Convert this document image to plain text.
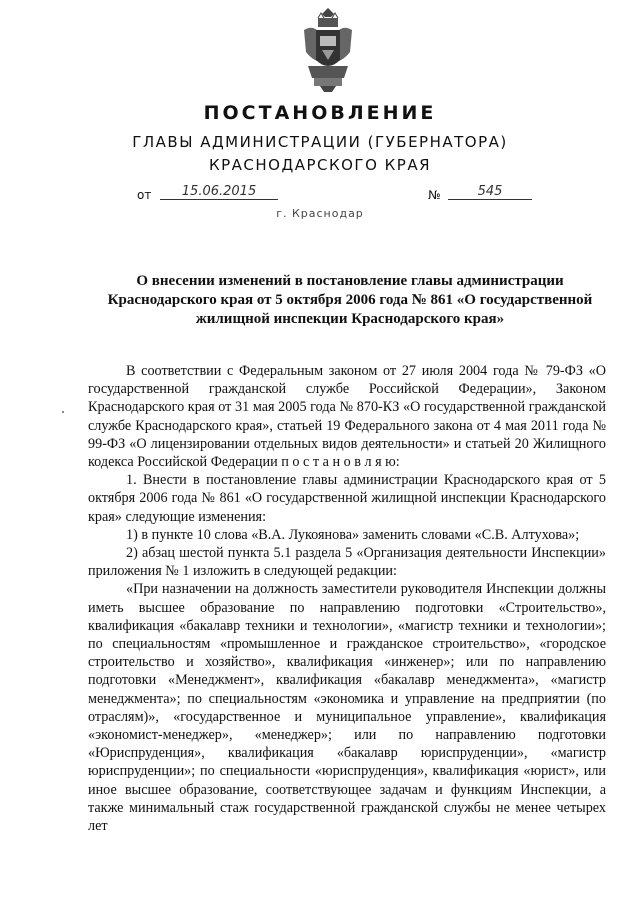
ПОСТАНОВЛЕНИЕ
ГЛАВЫ АДМИНИСТРАЦИИ (ГУБЕРНАТОРА)
КРАСНОДАРСКОГО КРАЯ
от	15.06.2015	№	545
г. Краснодар
О внесении изменений в постановление главы администрации
Краснодарского края от 5 октября 2006 года № 861 «О государственной
жилищной инспекции Краснодарского края»

В соответствии с Федеральным законом от 27 июля 2004 года № 79-ФЗ «О государственной гражданской службе Российской Федерации», Законом Краснодарского края от 31 мая 2005 года № 870-КЗ «О государственной гражданской службе Краснодарского края», статьей 19 Федерального закона от 4 мая 2011 года № 99-ФЗ «О лицензировании отдельных видов деятельности» и статьей 20 Жилищного кодекса Российской Федерации п о с т а н о в л я ю:

1. Внести в постановление главы администрации Краснодарского края от 5 октября 2006 года № 861 «О государственной жилищной инспекции Краснодарского края» следующие изменения:

1) в пункте 10 слова «В.А. Лукоянова» заменить словами «С.В. Алтухова»;

2) абзац шестой пункта 5.1 раздела 5 «Организация деятельности Инспекции» приложения № 1 изложить в следующей редакции:

«При назначении на должность заместители руководителя Инспекции должны иметь высшее образование по направлению подготовки «Строительство», квалификация «бакалавр техники и технологии», «магистр техники и технологии»; по специальностям «промышленное и гражданское строительство», «городское строительство и хозяйство», квалификация «инженер»; или по направлению подготовки «Менеджмент», квалификация «бакалавр менеджмента», «магистр менеджмента»; по специальностям «экономика и управление на предприятии (по отраслям)», «государственное и муниципальное управление», квалификация «экономист-менеджер», «менеджер»; или по направлению подготовки «Юриспруденция», квалификация «бакалавр юриспруденции», «магистр юриспруденции»; по специальности «юриспруденция», квалификация «юрист», или иное высшее образование, соответствующее задачам и функциям Инспекции, а также минимальный стаж государственной гражданской службы не менее четырех лет
